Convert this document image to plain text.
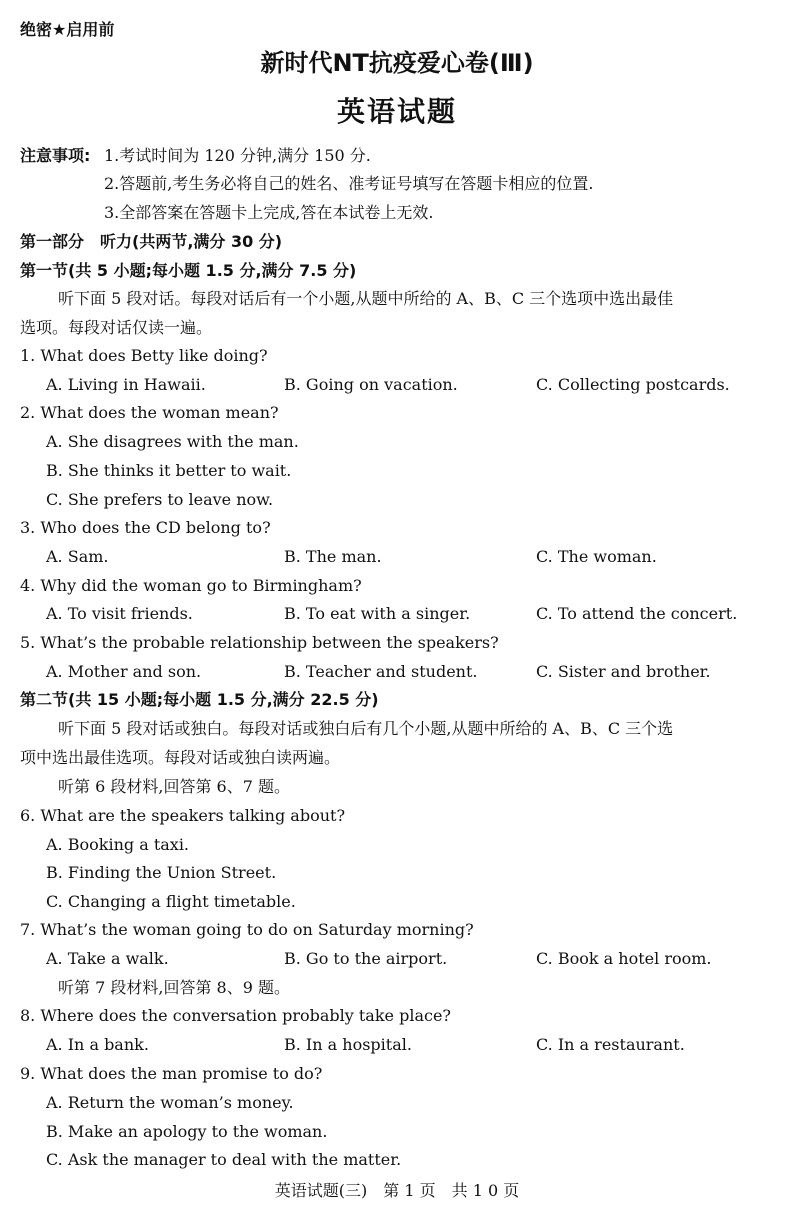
绝密★启用前
新时代NT抗疫爱心卷(Ⅲ)
英语试题
注意事项: 1.考试时间为 120 分钟,满分 150 分.
2.答题前,考生务必将自己的姓名、准考证号填写在答题卡相应的位置.
3.全部答案在答题卡上完成,答在本试卷上无效.
第一部分　听力(共两节,满分 30 分)
第一节(共 5 小题;每小题 1.5 分,满分 7.5 分)
听下面 5 段对话。每段对话后有一个小题,从题中所给的 A、B、C 三个选项中选出最佳
选项。每段对话仅读一遍。
1. What does Betty like doing?
A. Living in Hawaii.	B. Going on vacation.	C. Collecting postcards.
2. What does the woman mean?
A. She disagrees with the man.
B. She thinks it better to wait.
C. She prefers to leave now.
3. Who does the CD belong to?
A. Sam.	B. The man.	C. The woman.
4. Why did the woman go to Birmingham?
A. To visit friends.	B. To eat with a singer.	C. To attend the concert.
5. What’s the probable relationship between the speakers?
A. Mother and son.	B. Teacher and student.	C. Sister and brother.
第二节(共 15 小题;每小题 1.5 分,满分 22.5 分)
听下面 5 段对话或独白。每段对话或独白后有几个小题,从题中所给的 A、B、C 三个选
项中选出最佳选项。每段对话或独白读两遍。
听第 6 段材料,回答第 6、7 题。
6. What are the speakers talking about?
A. Booking a taxi.
B. Finding the Union Street.
C. Changing a flight timetable.
7. What’s the woman going to do on Saturday morning?
A. Take a walk.	B. Go to the airport.	C. Book a hotel room.
听第 7 段材料,回答第 8、9 题。
8. Where does the conversation probably take place?
A. In a bank.	B. In a hospital.	C. In a restaurant.
9. What does the man promise to do?
A. Return the woman’s money.
B. Make an apology to the woman.
C. Ask the manager to deal with the matter.
英语试题(三)　第 1 页　共 1 0 页
